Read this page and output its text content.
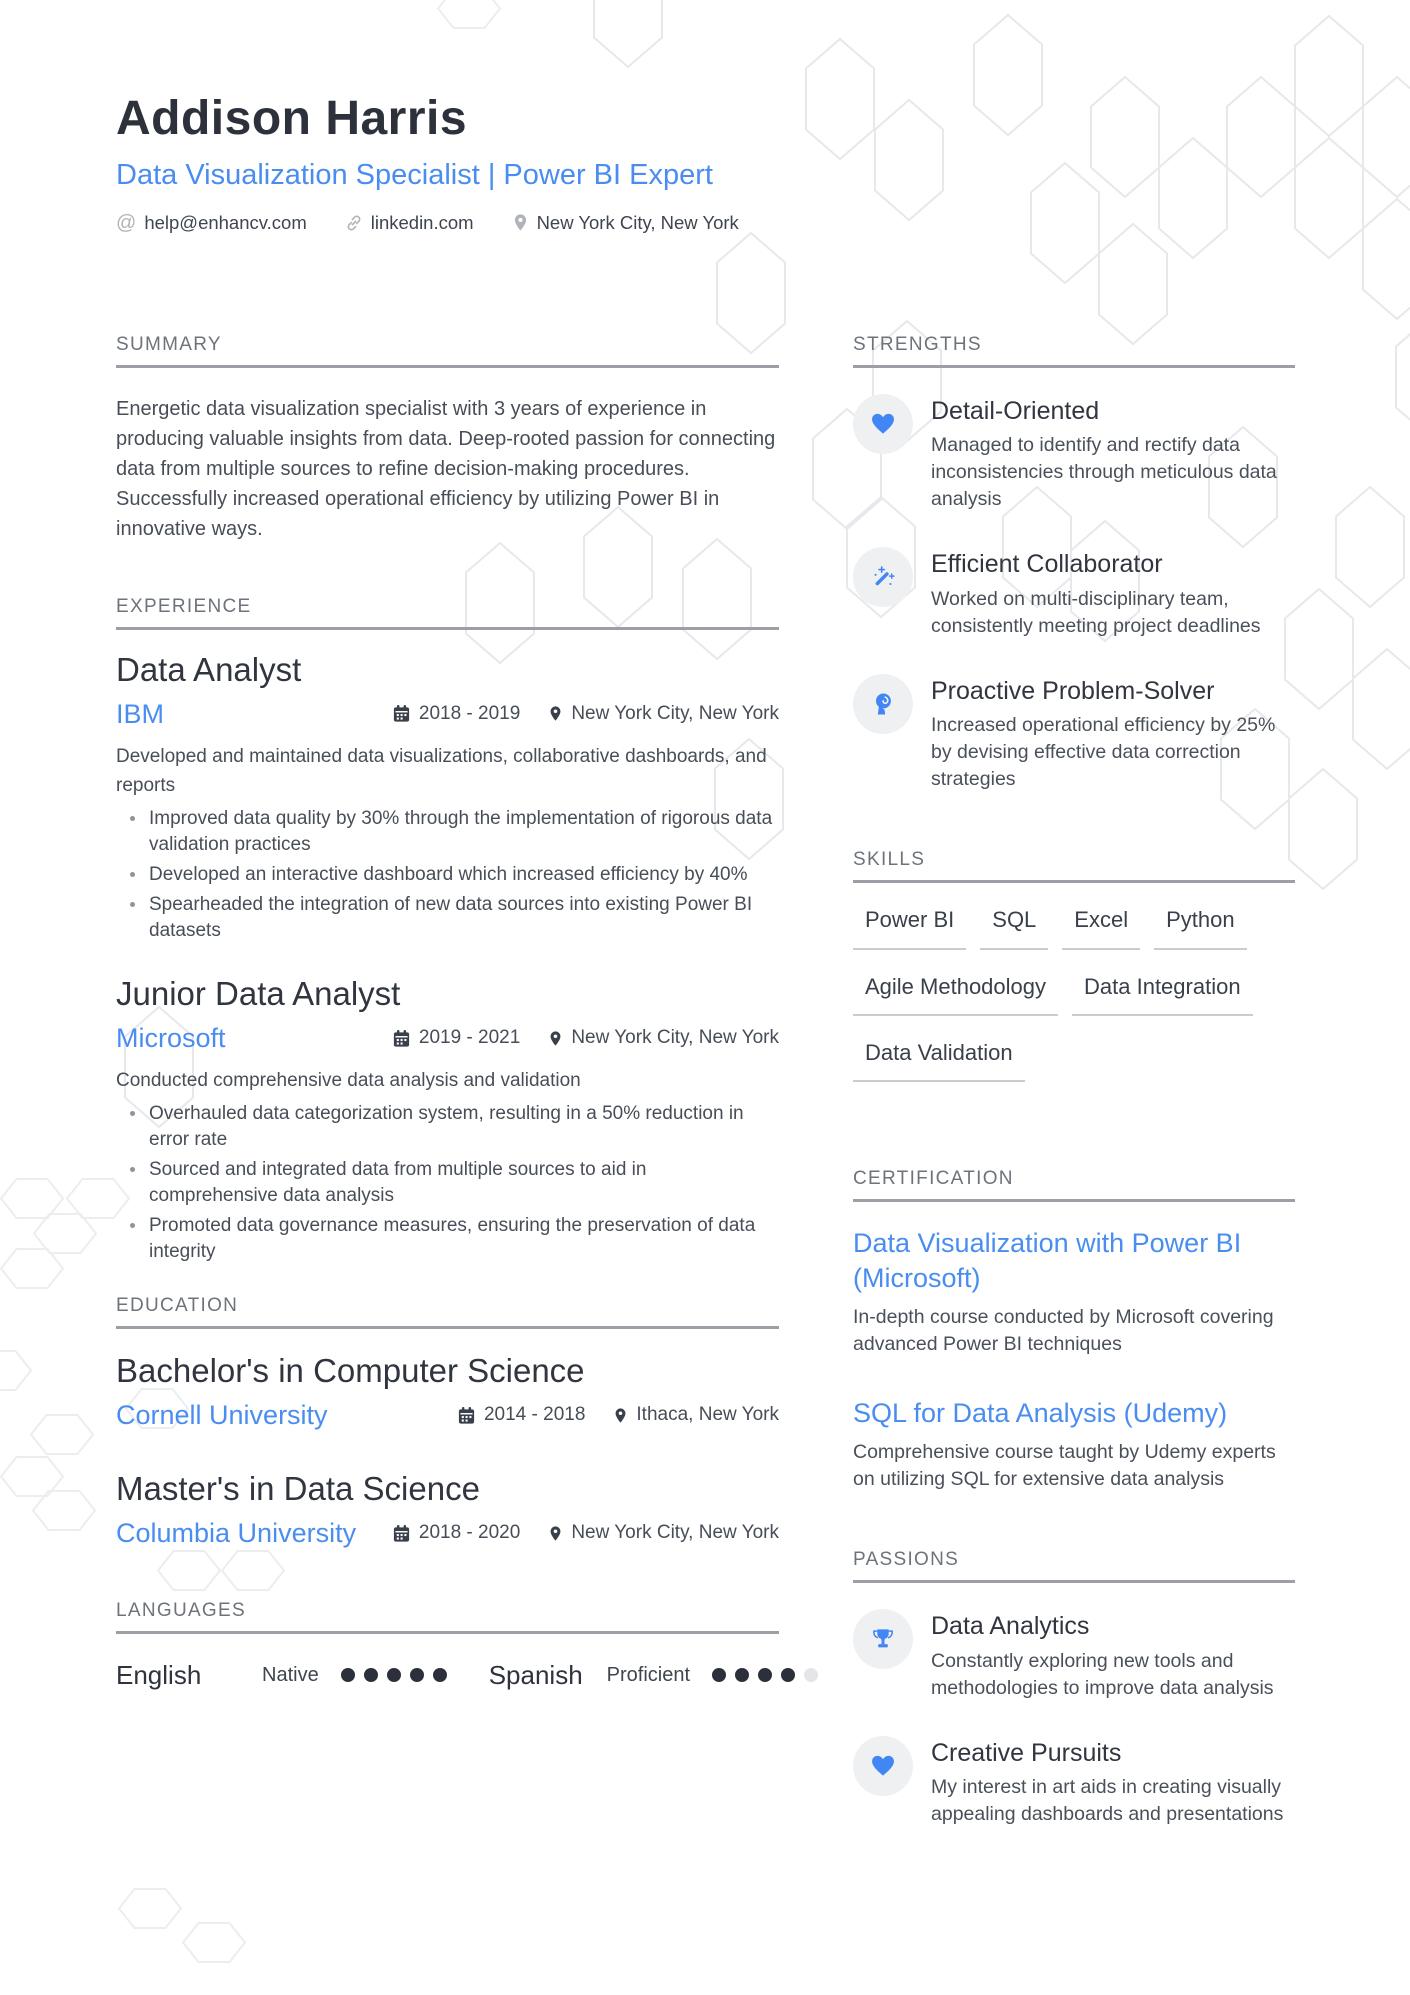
Addison Harris
Data Visualization Specialist | Power BI Expert
@ help@enhancv.com	linkedin.com	New York City, New York
SUMMARY
Energetic data visualization specialist with 3 years of experience in producing valuable insights from data. Deep-rooted passion for connecting data from multiple sources to refine decision-making procedures. Successfully increased operational efficiency by utilizing Power BI in innovative ways.
EXPERIENCE
Data Analyst
IBM	2018 - 2019	New York City, New York
Developed and maintained data visualizations, collaborative dashboards, and reports
Improved data quality by 30% through the implementation of rigorous data validation practices
Developed an interactive dashboard which increased efficiency by 40%
Spearheaded the integration of new data sources into existing Power BI datasets
Junior Data Analyst
Microsoft	2019 - 2021	New York City, New York
Conducted comprehensive data analysis and validation
Overhauled data categorization system, resulting in a 50% reduction in error rate
Sourced and integrated data from multiple sources to aid in comprehensive data analysis
Promoted data governance measures, ensuring the preservation of data integrity
EDUCATION
Bachelor's in Computer Science
Cornell University	2014 - 2018	Ithaca, New York
Master's in Data Science
Columbia University	2018 - 2020	New York City, New York
LANGUAGES
English	Native	Spanish Proficient
STRENGTHS
Detail-Oriented
Managed to identify and rectify data inconsistencies through meticulous data analysis
Efficient Collaborator
Worked on multi-disciplinary team, consistently meeting project deadlines
Proactive Problem-Solver
Increased operational efficiency by 25% by devising effective data correction strategies
SKILLS
Power BI	SQL	Excel	Python
Agile Methodology	Data Integration
Data Validation
CERTIFICATION
Data Visualization with Power BI (Microsoft)
In-depth course conducted by Microsoft covering advanced Power BI techniques
SQL for Data Analysis (Udemy)
Comprehensive course taught by Udemy experts on utilizing SQL for extensive data analysis
PASSIONS
Data Analytics
Constantly exploring new tools and methodologies to improve data analysis
Creative Pursuits
My interest in art aids in creating visually appealing dashboards and presentations
